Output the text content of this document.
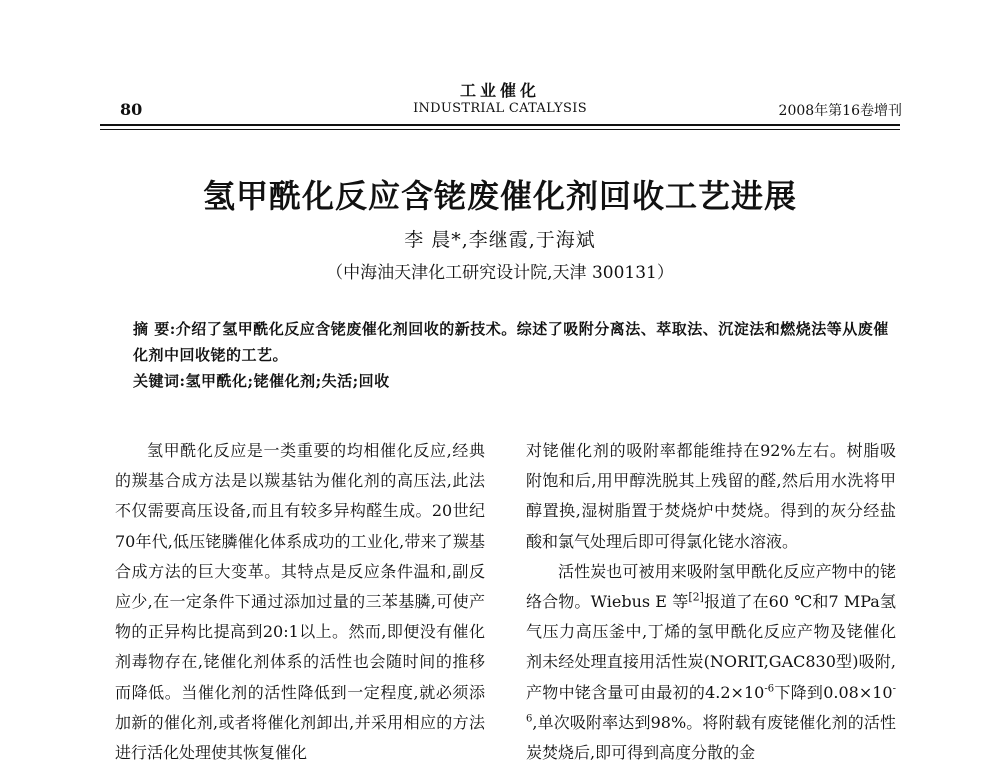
工业催化
INDUSTRIAL CATALYSIS
80	2008年第16卷增刊
氢甲酰化反应含铑废催化剂回收工艺进展
李 晨*,李继霞,于海斌
（中海油天津化工研究设计院,天津 300131）

摘 要:介绍了氢甲酰化反应含铑废催化剂回收的新技术。综述了吸附分离法、萃取法、沉淀法和燃烧法等从废催化剂中回收铑的工艺。

关键词:氢甲酰化;铑催化剂;失活;回收

氢甲酰化反应是一类重要的均相催化反应,经典的羰基合成方法是以羰基钴为催化剂的高压法,此法不仅需要高压设备,而且有较多异构醛生成。20世纪70年代,低压铑膦催化体系成功的工业化,带来了羰基合成方法的巨大变革。其特点是反应条件温和,副反应少,在一定条件下通过添加过量的三苯基膦,可使产物的正异构比提高到20:1以上。然而,即便没有催化剂毒物存在,铑催化剂体系的活性也会随时间的推移而降低。当催化剂的活性降低到一定程度,就必须添加新的催化剂,或者将催化剂卸出,并采用相应的方法进行活化处理使其恢复催化

对铑催化剂的吸附率都能维持在92%左右。树脂吸附饱和后,用甲醇洗脱其上残留的醛,然后用水洗将甲醇置换,湿树脂置于焚烧炉中焚烧。得到的灰分经盐酸和氯气处理后即可得氯化铑水溶液。

活性炭也可被用来吸附氢甲酰化反应产物中的铑络合物。Wiebus E 等[2]报道了在60 ℃和7 MPa氢气压力高压釜中,丁烯的氢甲酰化反应产物及铑催化剂未经处理直接用活性炭(NORIT,GAC830型)吸附,产物中铑含量可由最初的$4.2\times 10^{-6}$下降到$0.08\times 10^{-6}$,单次吸附率达到98%。将附载有废铑催化剂的活性炭焚烧后,即可得到高度分散的金
